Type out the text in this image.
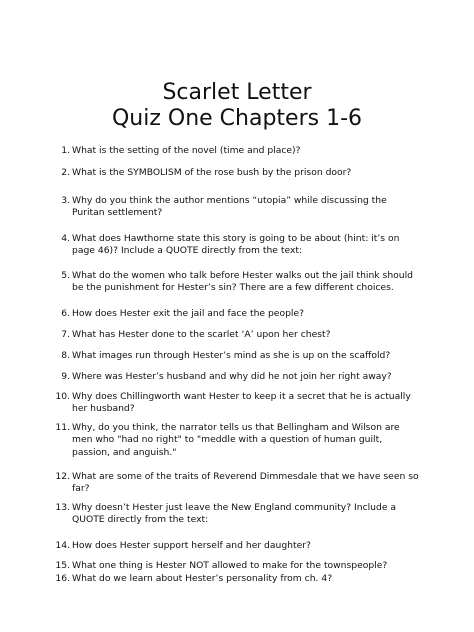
Scarlet Letter
Quiz One Chapters 1-6
1. What is the setting of the novel (time and place)?
2. What is the SYMBOLISM of the rose bush by the prison door?
3. Why do you think the author mentions “utopia” while discussing the Puritan settlement?
4. What does Hawthorne state this story is going to be about (hint: it’s on page 46)? Include a QUOTE directly from the text:
5. What do the women who talk before Hester walks out the jail think should be the punishment for Hester’s sin? There are a few different choices.
6. How does Hester exit the jail and face the people?
7. What has Hester done to the scarlet ‘A’ upon her chest?
8. What images run through Hester’s mind as she is up on the scaffold?
9. Where was Hester’s husband and why did he not join her right away?
10. Why does Chillingworth want Hester to keep it a secret that he is actually her husband?
11. Why, do you think, the narrator tells us that Bellingham and Wilson are men who "had no right" to "meddle with a question of human guilt, passion, and anguish."
12. What are some of the traits of Reverend Dimmesdale that we have seen so far?
13. Why doesn’t Hester just leave the New England community? Include a QUOTE directly from the text:
14. How does Hester support herself and her daughter?
15. What one thing is Hester NOT allowed to make for the townspeople?
16. What do we learn about Hester’s personality from ch. 4?
